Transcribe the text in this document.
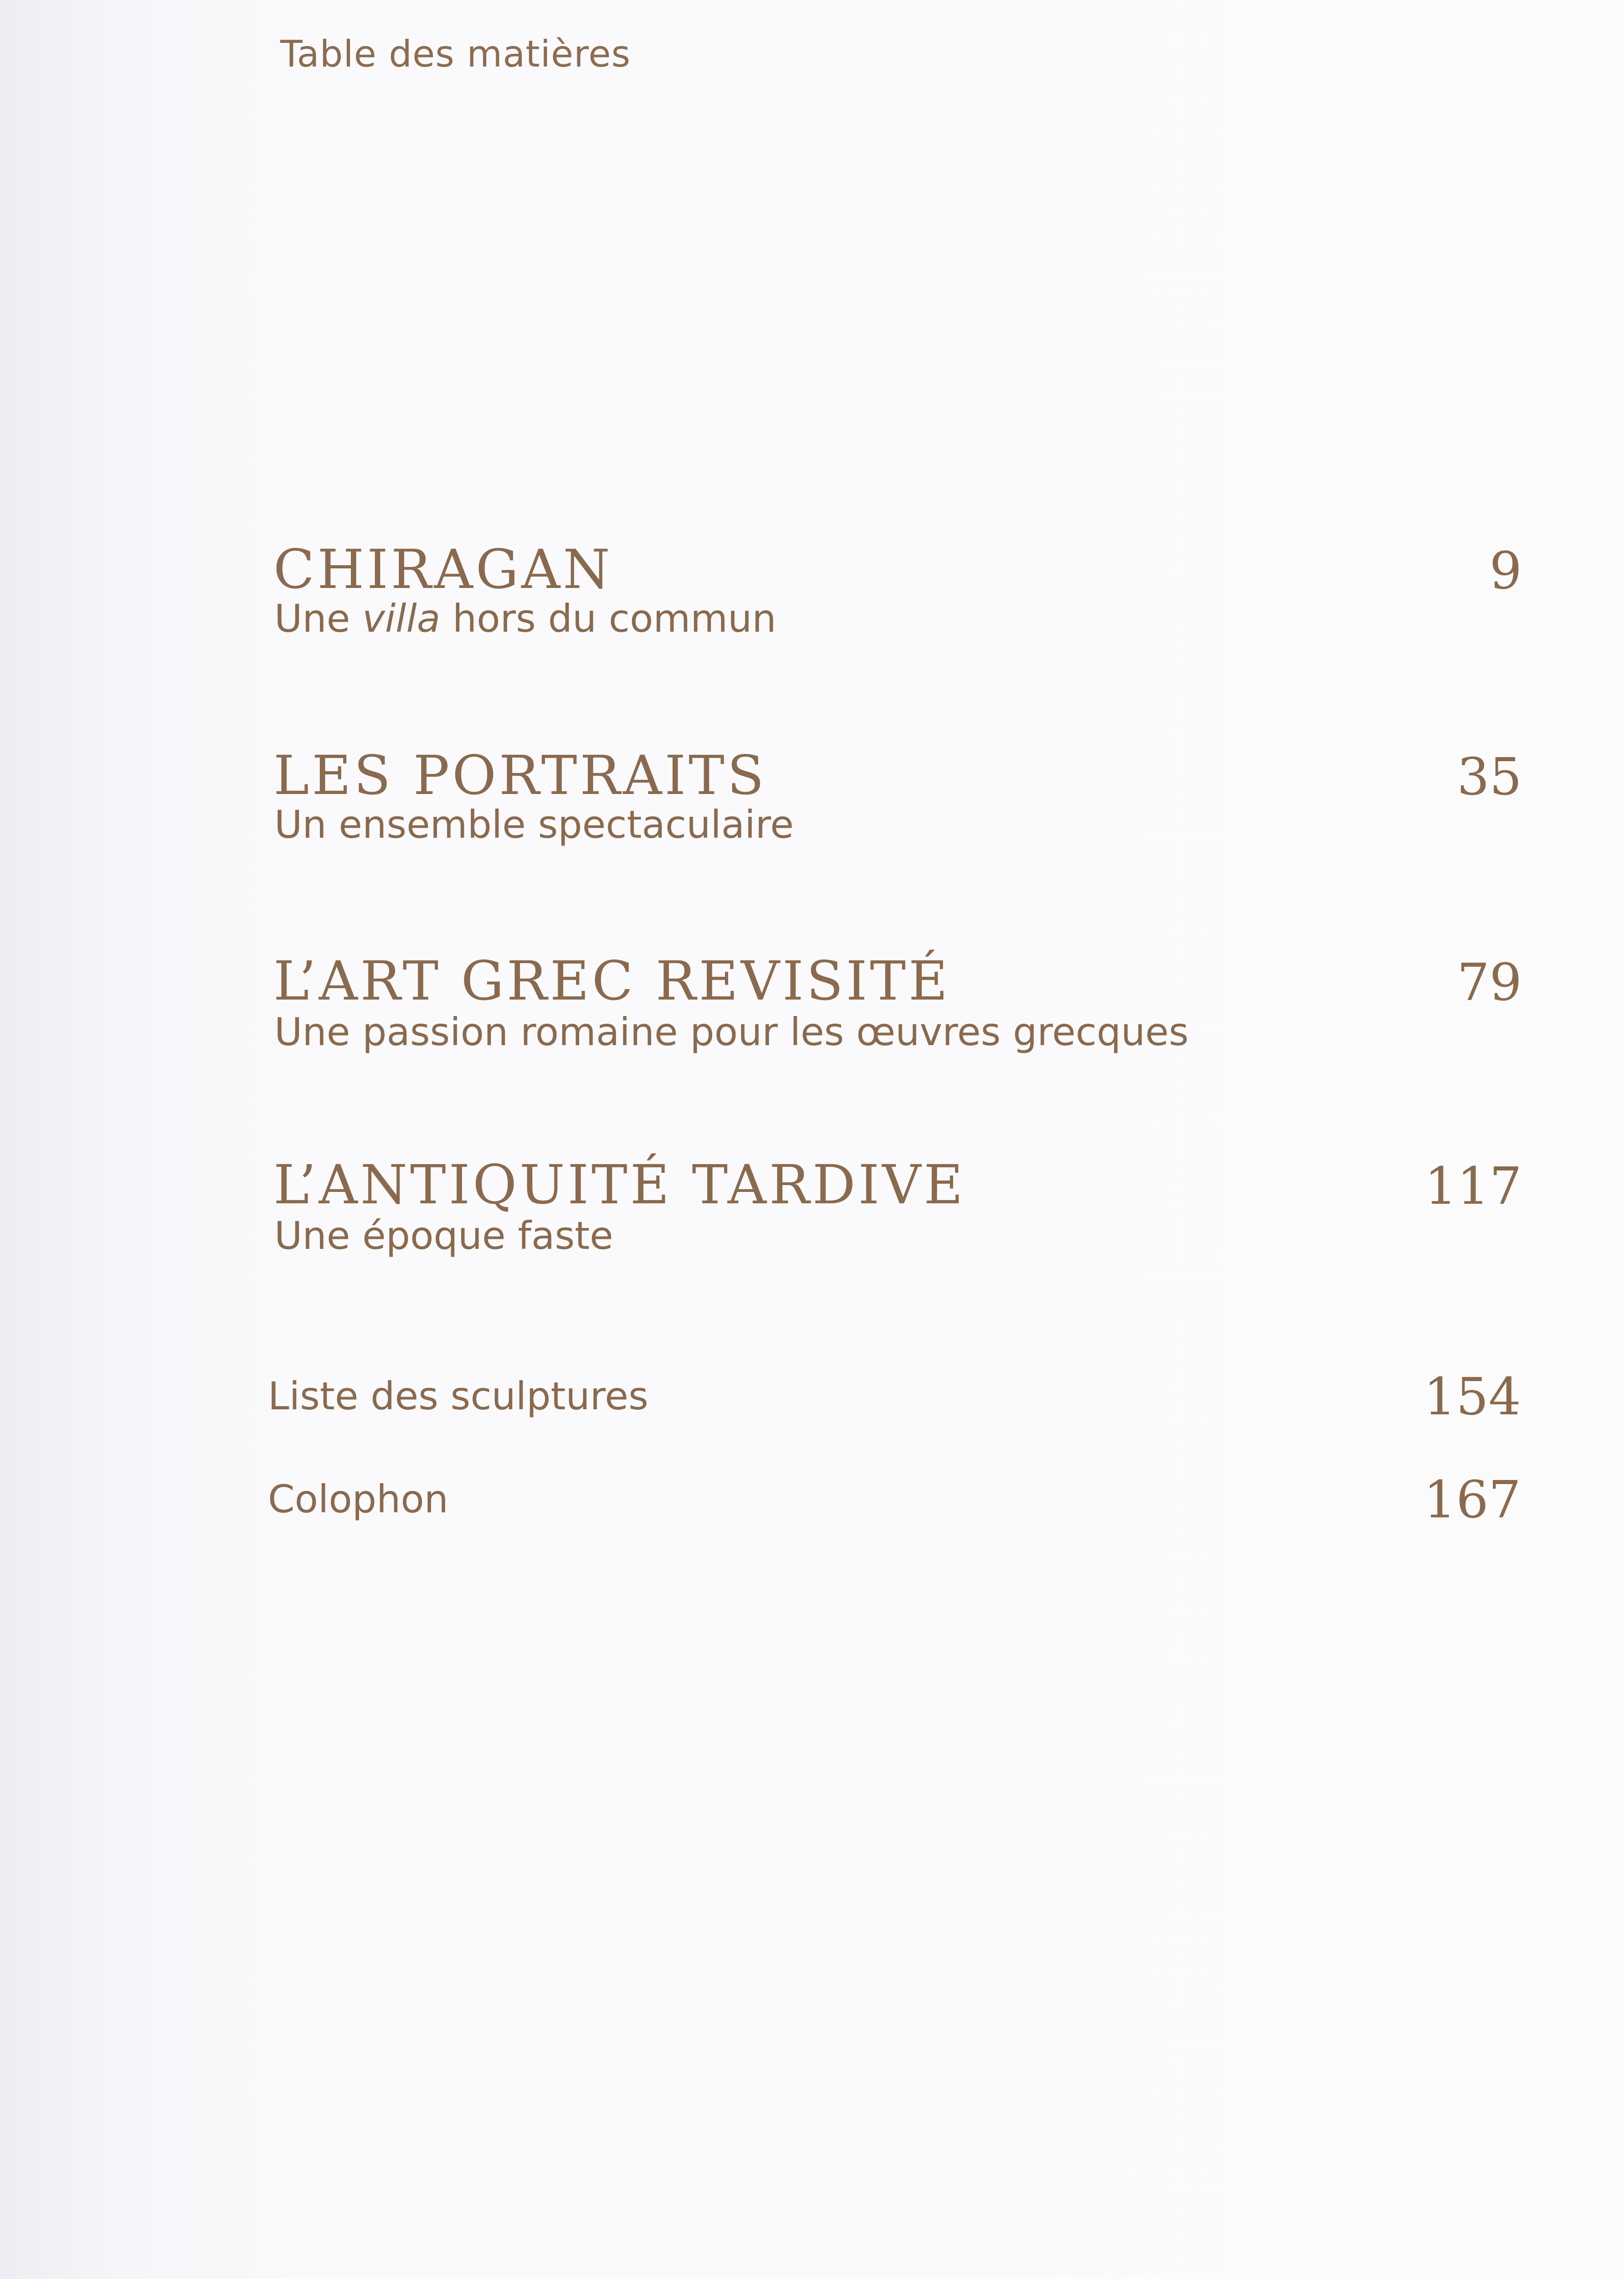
Table des matières
CHIRAGAN
Une villa hors du commun
9
LES PORTRAITS
Un ensemble spectaculaire
35
L’ART GREC REVISITÉ
Une passion romaine pour les œuvres grecques
79
L’ANTIQUITÉ TARDIVE
Une époque faste
117
Liste des sculptures	154
Colophon	167
